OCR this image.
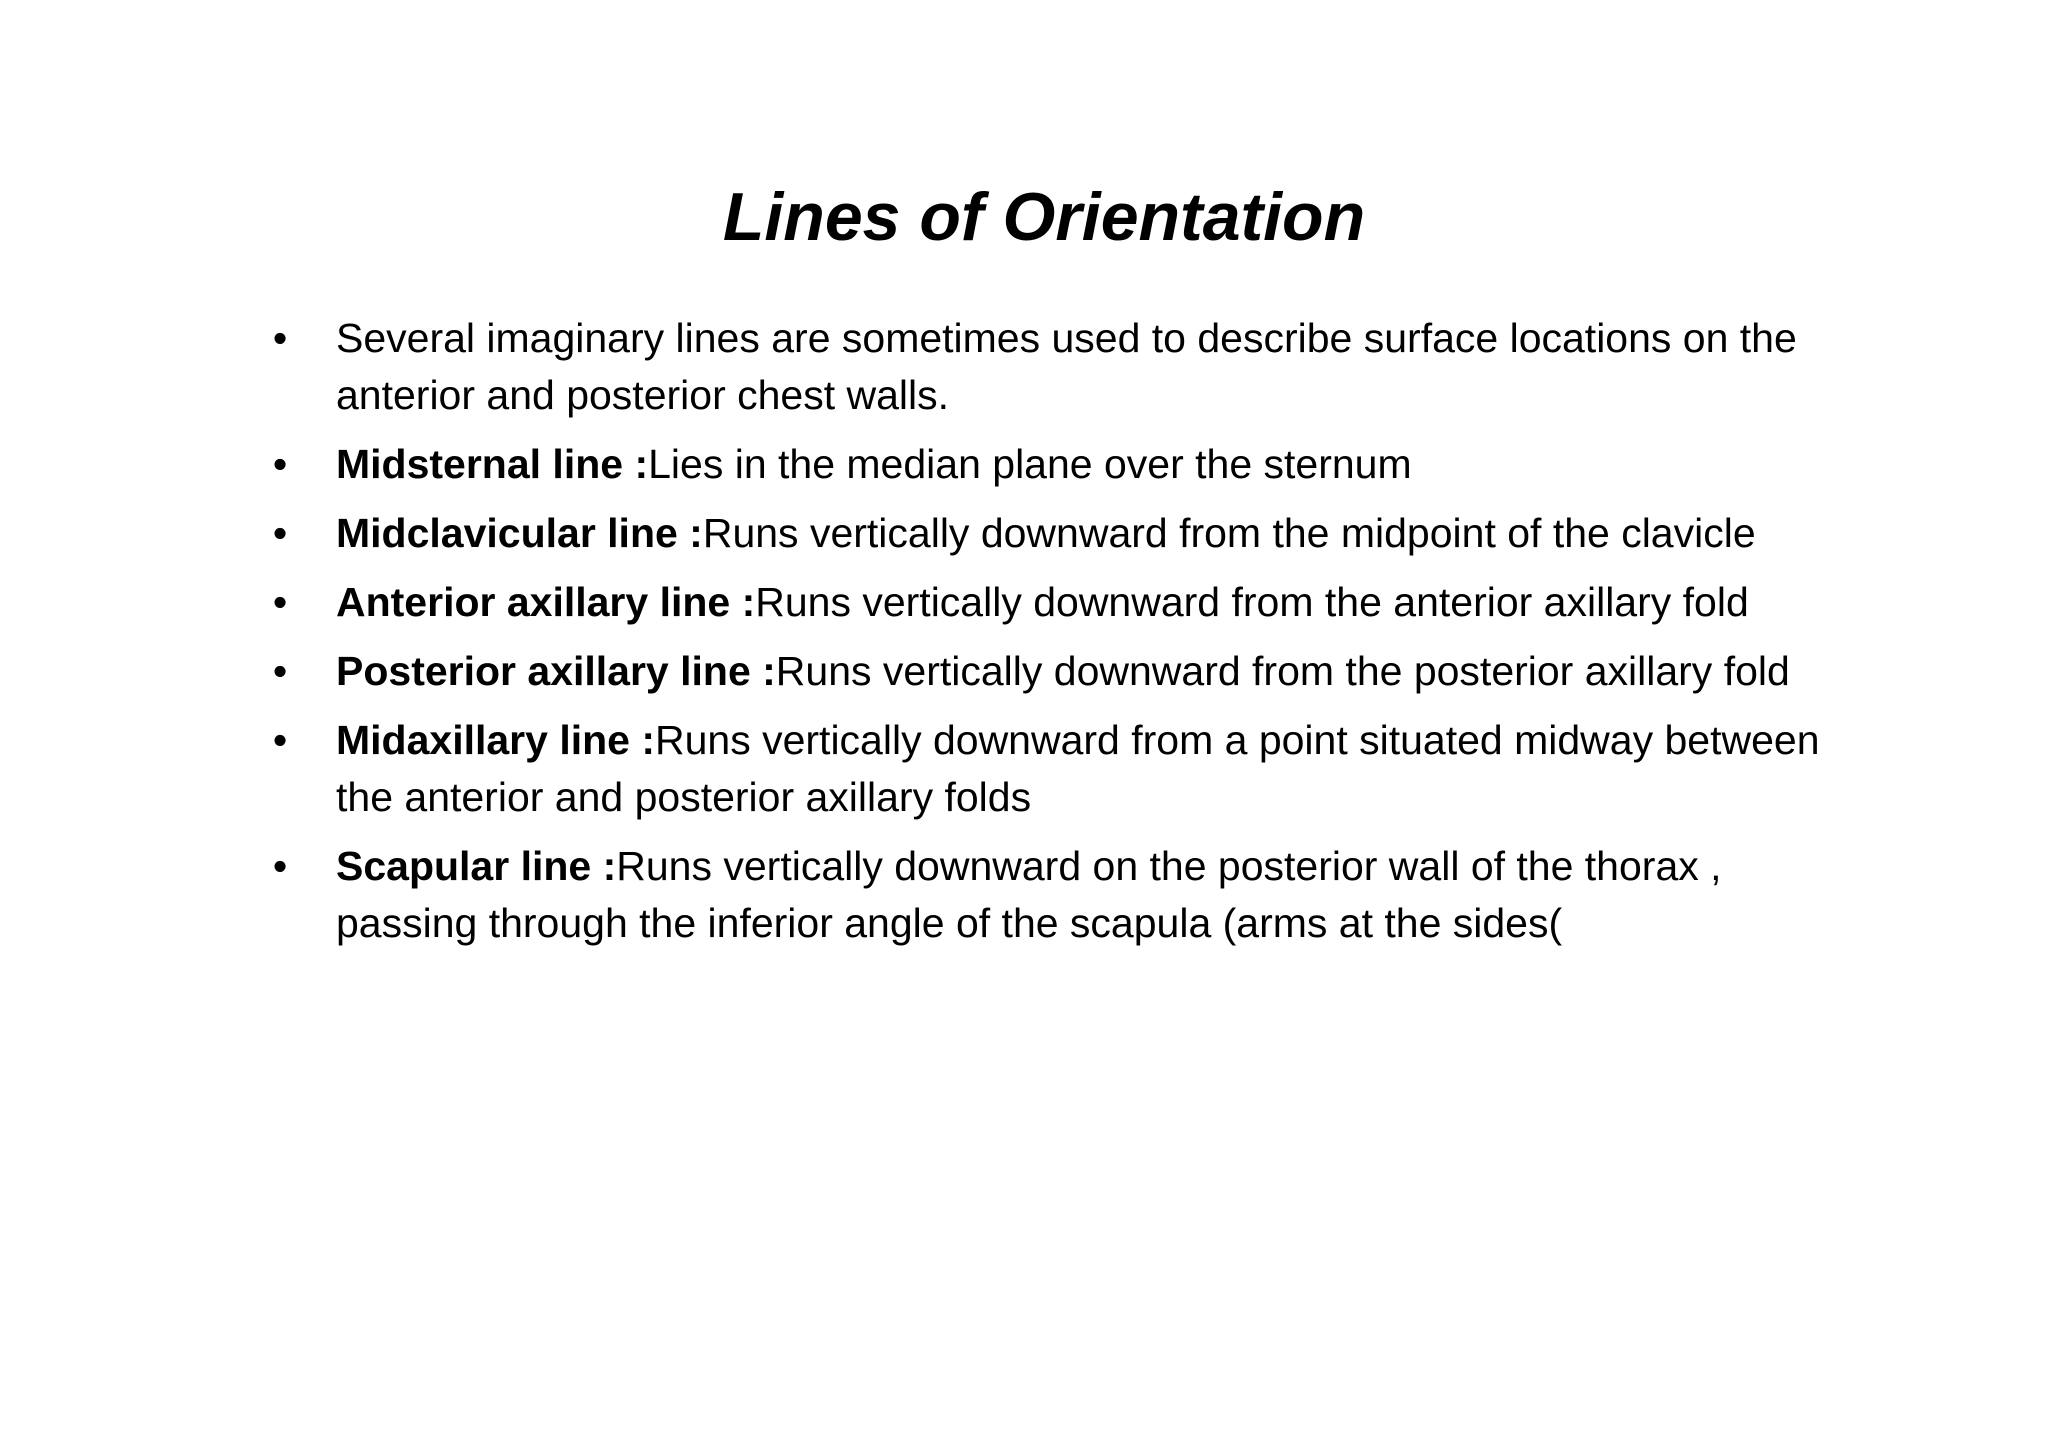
Lines of Orientation
• Several imaginary lines are sometimes used to describe surface locations on the anterior and posterior chest walls.
• Midsternal line :Lies in the median plane over the sternum
• Midclavicular line :Runs vertically downward from the midpoint of the clavicle
• Anterior axillary line :Runs vertically downward from the anterior axillary fold
• Posterior axillary line :Runs vertically downward from the posterior axillary fold
• Midaxillary line :Runs vertically downward from a point situated midway between the anterior and posterior axillary folds
• Scapular line :Runs vertically downward on the posterior wall of the thorax , passing through the inferior angle of the scapula (arms at the sides(
